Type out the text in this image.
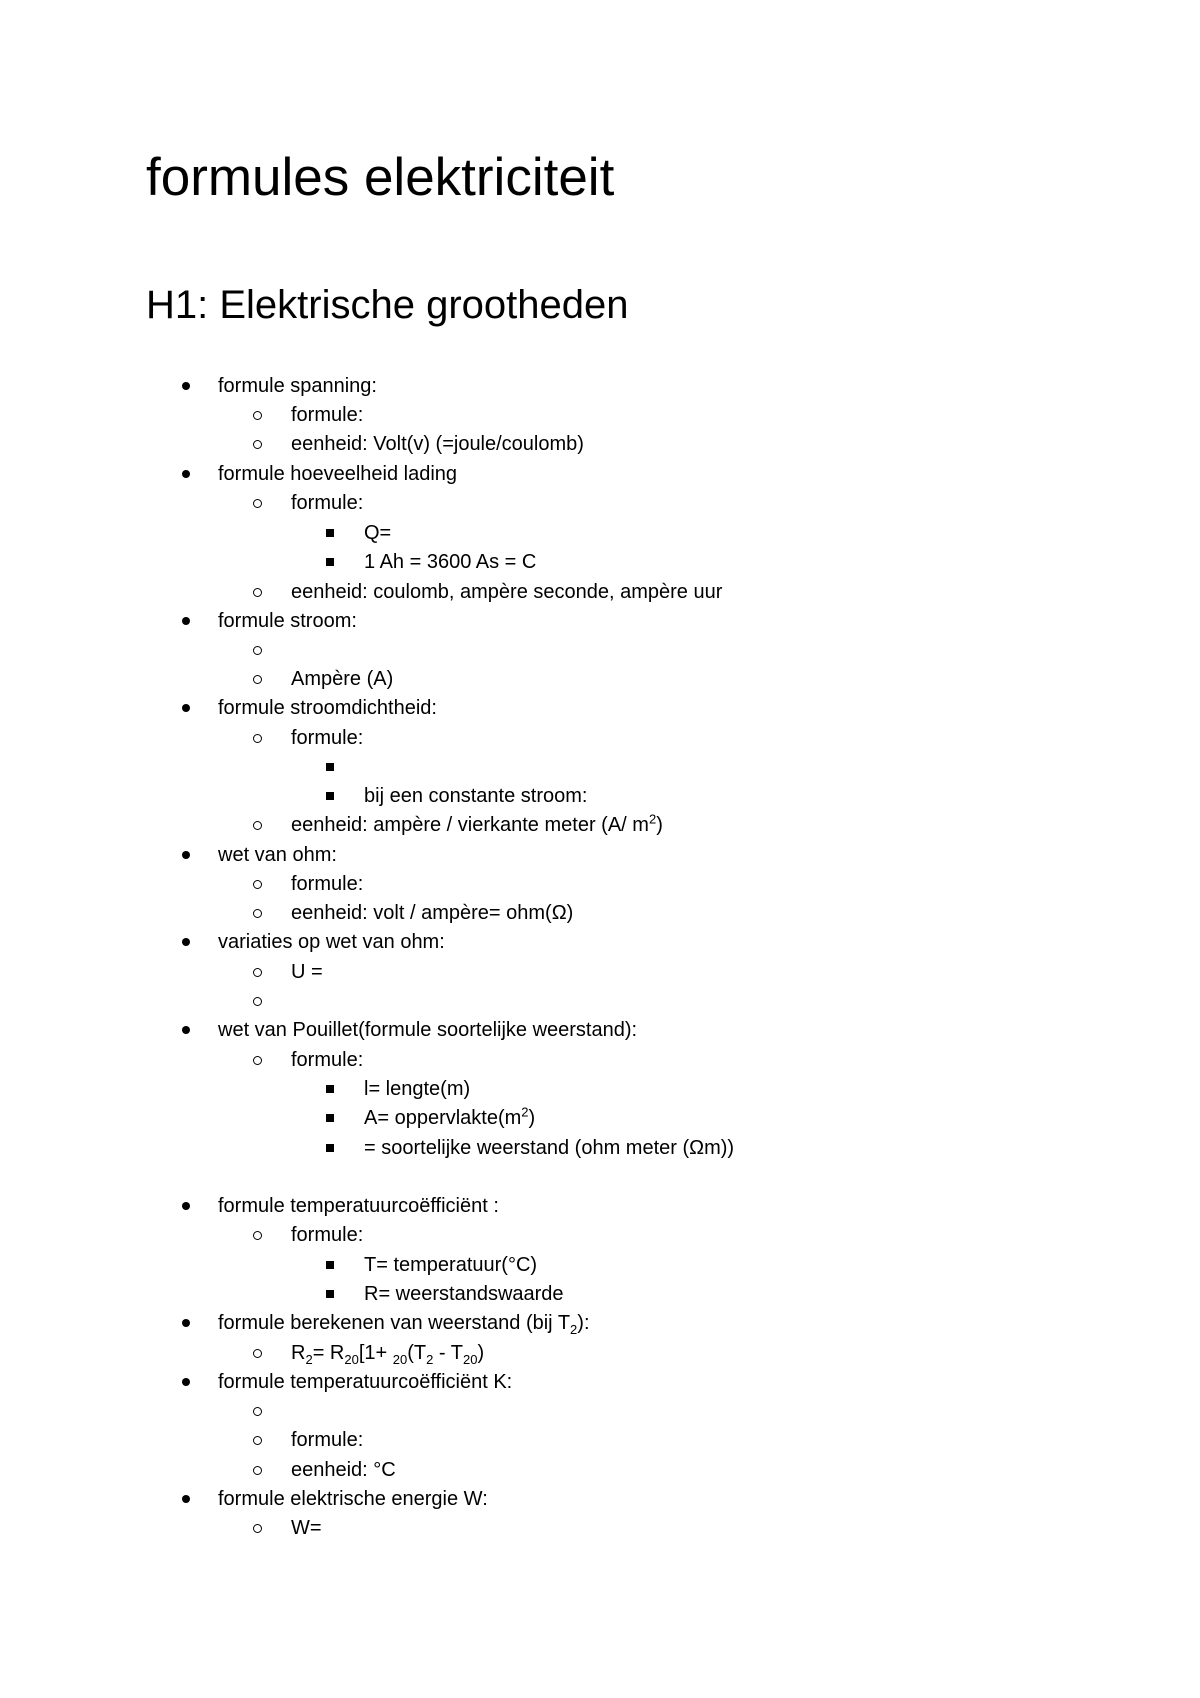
formules elektriciteit
H1: Elektrische grootheden
formule spanning:
formule:
eenheid: Volt(v) (=joule/coulomb)
formule hoeveelheid lading
formule:
Q=
1 Ah = 3600 As = C
eenheid: coulomb, ampère seconde, ampère uur
formule stroom:
Ampère (A)
formule stroomdichtheid:
formule:
bij een constante stroom:
eenheid: ampère / vierkante meter (A/ $m^2$)
wet van ohm:
formule:
eenheid: volt / ampère= ohm(Ω)
variaties op wet van ohm:
U =
wet van Pouillet(formule soortelijke weerstand):
formule:
l= lengte(m)
$A= oppervlakte(m^2)$
= soortelijke weerstand (ohm meter (Ωm))
formule temperatuurcoëfficiënt :
formule:
T= temperatuur(°C)
R= weerstandswaarde
formule berekenen van weerstand (bij $T_2$):
$R_2= R_{20}[1+ _{20}(T_2 - T_{20})$
formule temperatuurcoëfficiënt K:
formule:
eenheid: °C
formule elektrische energie W:
W=
